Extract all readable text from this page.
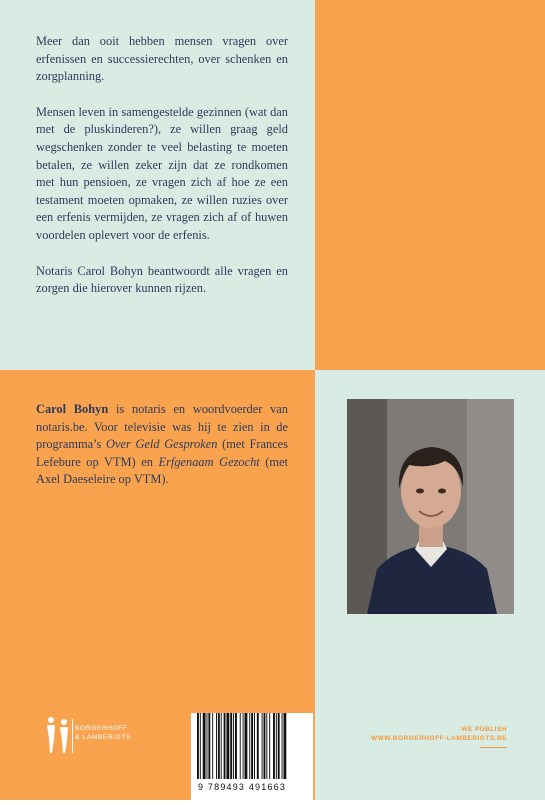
Meer dan ooit hebben mensen vragen over erfenissen en successierechten, over schenken en zorgplanning.

Mensen leven in samengestelde gezinnen (wat dan met de pluskinderen?), ze willen graag geld wegschenken zonder te veel belasting te moeten betalen, ze willen zeker zijn dat ze rondkomen met hun pensioen, ze vragen zich af hoe ze een testament moeten opmaken, ze willen ruzies over een erfenis vermijden, ze vragen zich af of huwen voordelen oplevert voor de erfenis.

Notaris Carol Bohyn beantwoordt alle vragen en zorgen die hierover kunnen rijzen.

Carol Bohyn is notaris en woordvoerder van notaris.be. Voor televisie was hij te zien in de programma’s Over Geld Gesproken (met Frances Lefebure op VTM) en Erfgenaam Gezocht (met Axel Daeseleire op VTM).
BORGERHOFF
& LAMBERIGTS
9 789493 491663
WE PUBLISH
WWW.BORGERHOFF-LAMBERIGTS.BE
